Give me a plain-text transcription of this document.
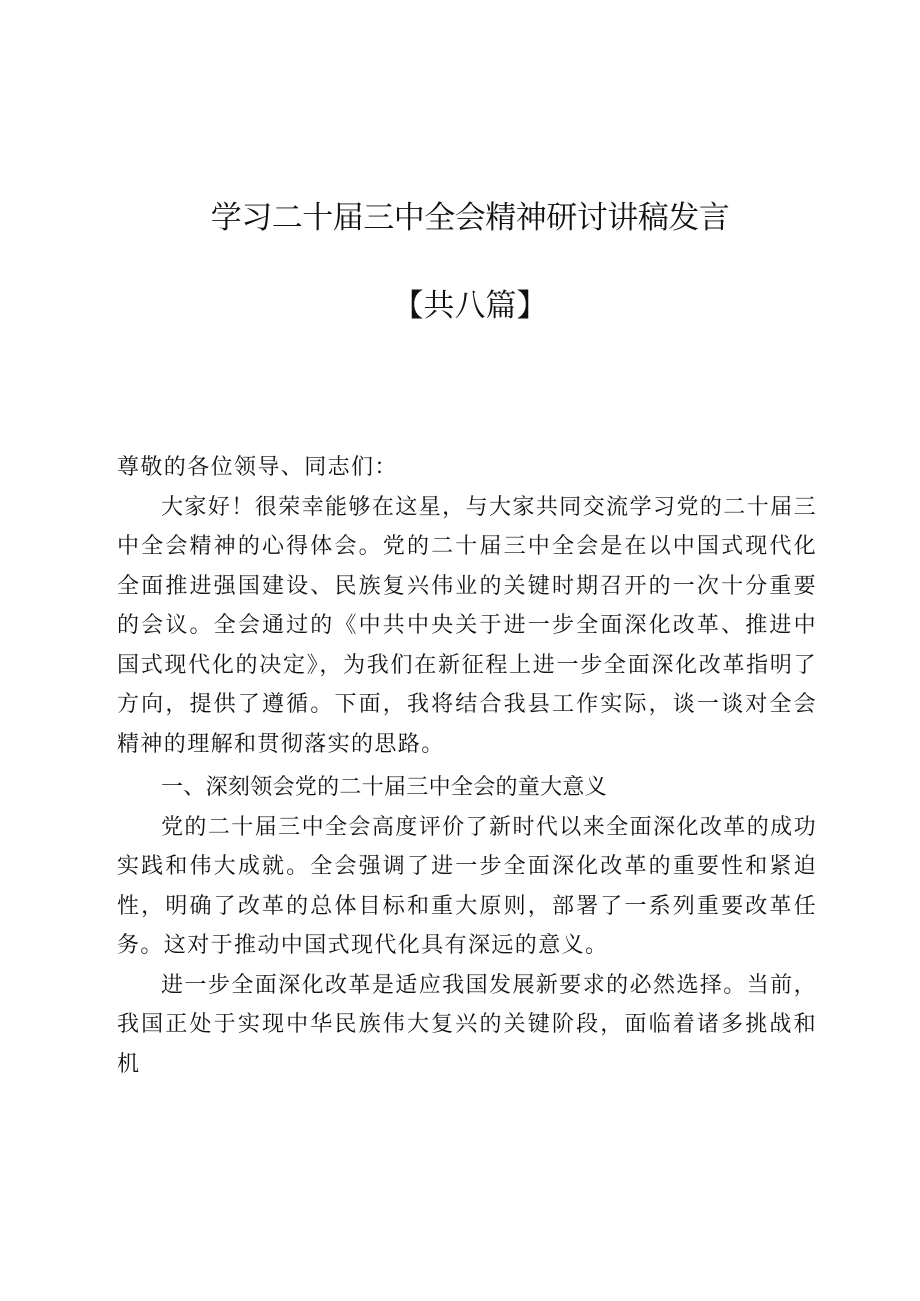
学习二十届三中全会精神研讨讲稿发言
【共八篇】

尊敬的各位领导、同志们：

大家好！很荣幸能够在这星，与大家共同交流学习党的二十届三中全会精神的心得体会。党的二十届三中全会是在以中国式现代化全面推进强国建设、民族复兴伟业的关键时期召开的一次十分重要的会议。全会通过的《中共中央关于进一步全面深化改革、推进中国式现代化的决定》，为我们在新征程上进一步全面深化改革指明了方向，提供了遵循。下面，我将结合我县工作实际，谈一谈对全会精神的理解和贯彻落实的思路。

一、深刻领会党的二十届三中全会的童大意义

党的二十届三中全会高度评价了新时代以来全面深化改革的成功实践和伟大成就。全会强调了进一步全面深化改革的重要性和紧迫性，明确了改革的总体目标和重大原则，部署了一系列重要改革任务。这对于推动中国式现代化具有深远的意义。

进一步全面深化改革是适应我国发展新要求的必然选择。当前，我国正处于实现中华民族伟大复兴的关键阶段，面临着诸多挑战和机
